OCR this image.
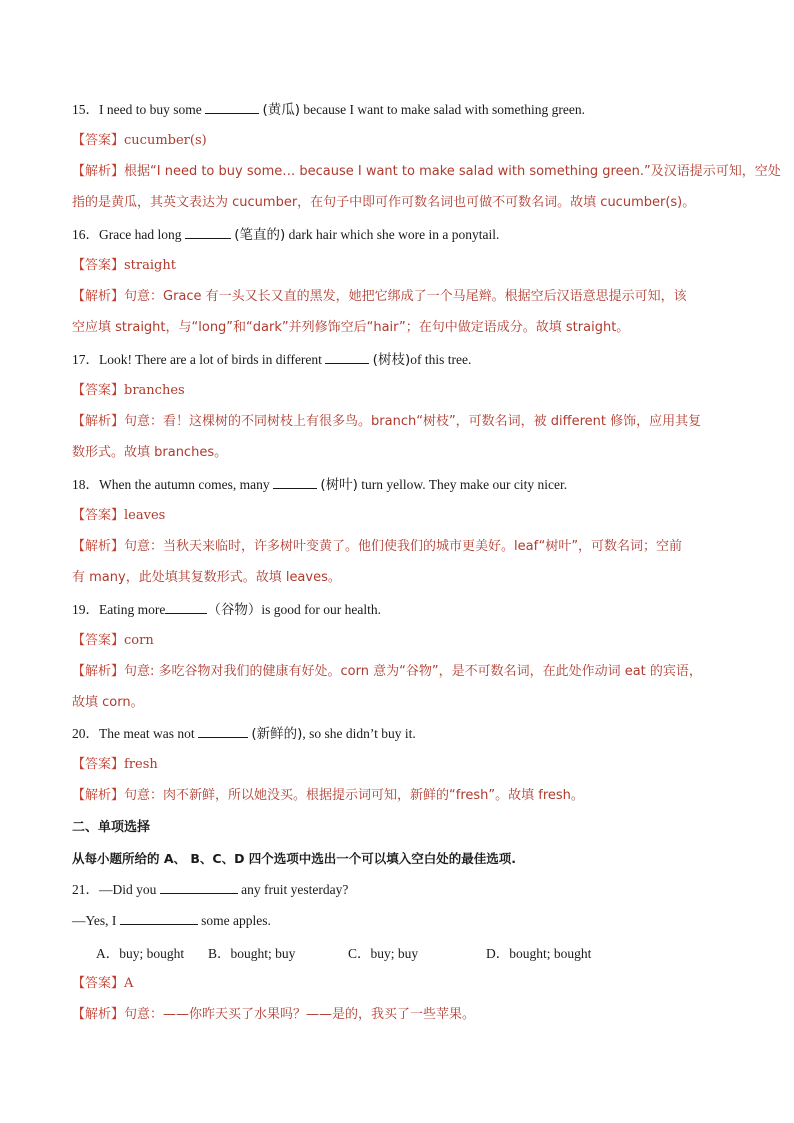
15．I need to buy some	(黄瓜) because I want to make salad with something green.
【答案】cucumber(s)
【解析】根据“I need to buy some… because I want to make salad with something green.”及汉语提示可知，空处
指的是黄瓜，其英文表达为 cucumber，在句子中即可作可数名词也可做不可数名词。故填 cucumber(s)。
16．Grace had long	(笔直的) dark hair which she wore in a ponytail.
【答案】straight
【解析】句意：Grace 有一头又长又直的黑发，她把它绑成了一个马尾辫。根据空后汉语意思提示可知，该
空应填 straight，与“long”和“dark”并列修饰空后“hair”；在句中做定语成分。故填 straight。
17．Look! There are a lot of birds in different	(树枝)of this tree.
【答案】branches
【解析】句意：看！这棵树的不同树枝上有很多鸟。branch“树枝”，可数名词，被 different 修饰，应用其复
数形式。故填 branches。
18．When the autumn comes, many	(树叶) turn yellow. They make our city nicer.
【答案】leaves
【解析】句意：当秋天来临时，许多树叶变黄了。他们使我们的城市更美好。leaf“树叶”，可数名词；空前
有 many，此处填其复数形式。故填 leaves。
19．Eating more	（谷物）is good for our health.
【答案】corn
【解析】句意: 多吃谷物对我们的健康有好处。corn 意为“谷物”，是不可数名词，在此处作动词 eat 的宾语，
故填 corn。
20．The meat was not	(新鲜的), so she didn’t buy it.
【答案】fresh
【解析】句意：肉不新鲜，所以她没买。根据提示词可知，新鲜的“fresh”。故填 fresh。
二、单项选择
从每小题所给的 A、 B、C、D 四个选项中选出一个可以填入空白处的最佳选项.
21．—Did you	any fruit yesterday?
—Yes, I	some apples.
A．buy; bought B．bought; buy	C．buy; buy	D．bought; bought
【答案】A
【解析】句意：——你昨天买了水果吗？——是的，我买了一些苹果。
